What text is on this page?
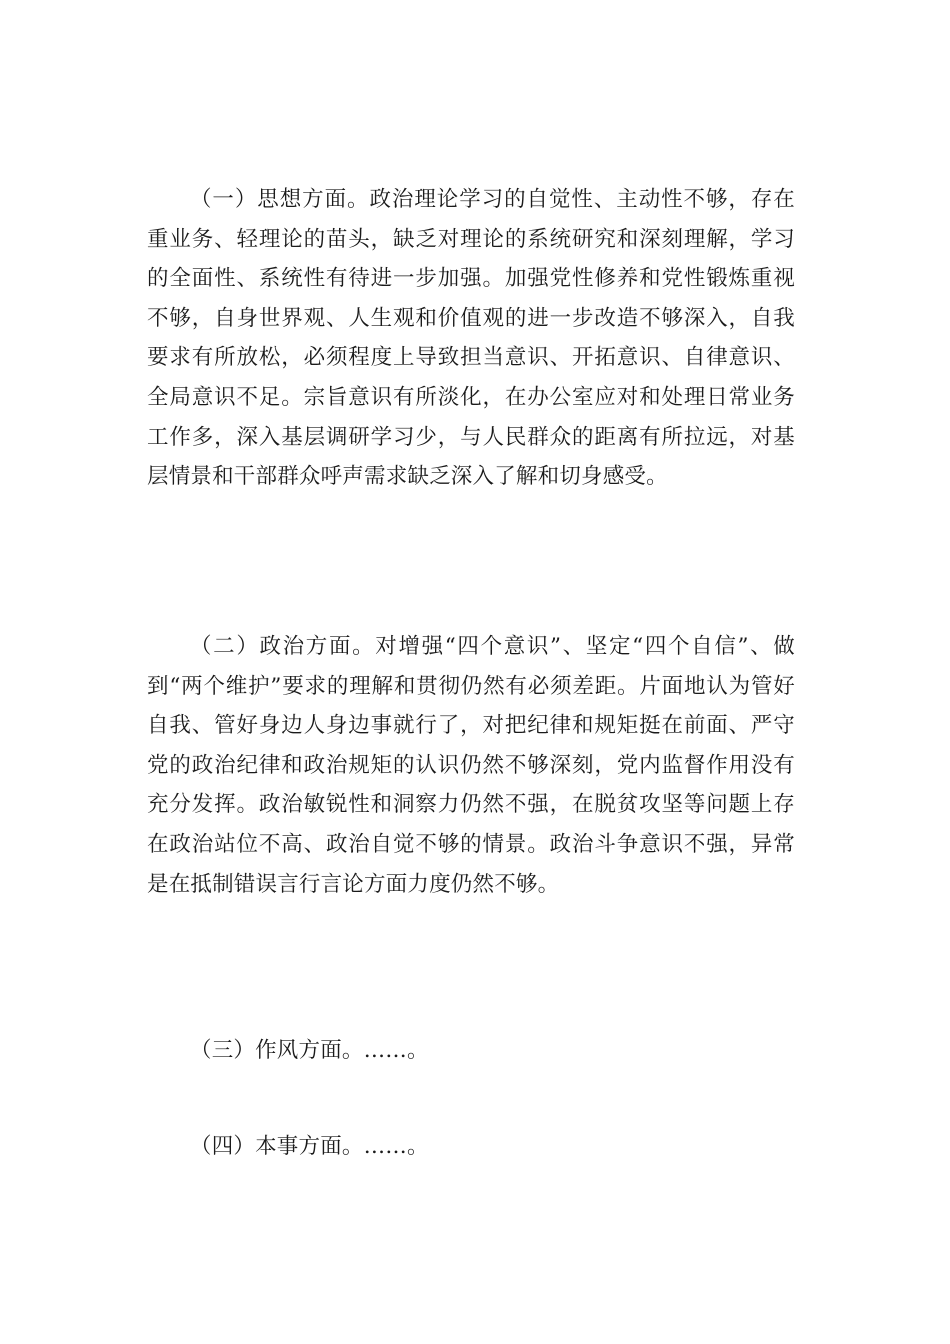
（一）思想方面。政治理论学习的自觉性、主动性不够，存在重业务、轻理论的苗头，缺乏对理论的系统研究和深刻理解，学习的全面性、系统性有待进一步加强。加强党性修养和党性锻炼重视不够，自身世界观、人生观和价值观的进一步改造不够深入，自我要求有所放松，必须程度上导致担当意识、开拓意识、自律意识、全局意识不足。宗旨意识有所淡化，在办公室应对和处理日常业务工作多，深入基层调研学习少，与人民群众的距离有所拉远，对基层情景和干部群众呼声需求缺乏深入了解和切身感受。

（二）政治方面。对增强“四个意识”、坚定“四个自信”、做到“两个维护”要求的理解和贯彻仍然有必须差距。片面地认为管好自我、管好身边人身边事就行了，对把纪律和规矩挺在前面、严守党的政治纪律和政治规矩的认识仍然不够深刻，党内监督作用没有充分发挥。政治敏锐性和洞察力仍然不强，在脱贫攻坚等问题上存在政治站位不高、政治自觉不够的情景。政治斗争意识不强，异常是在抵制错误言行言论方面力度仍然不够。

（三）作风方面。……。

（四）本事方面。……。
